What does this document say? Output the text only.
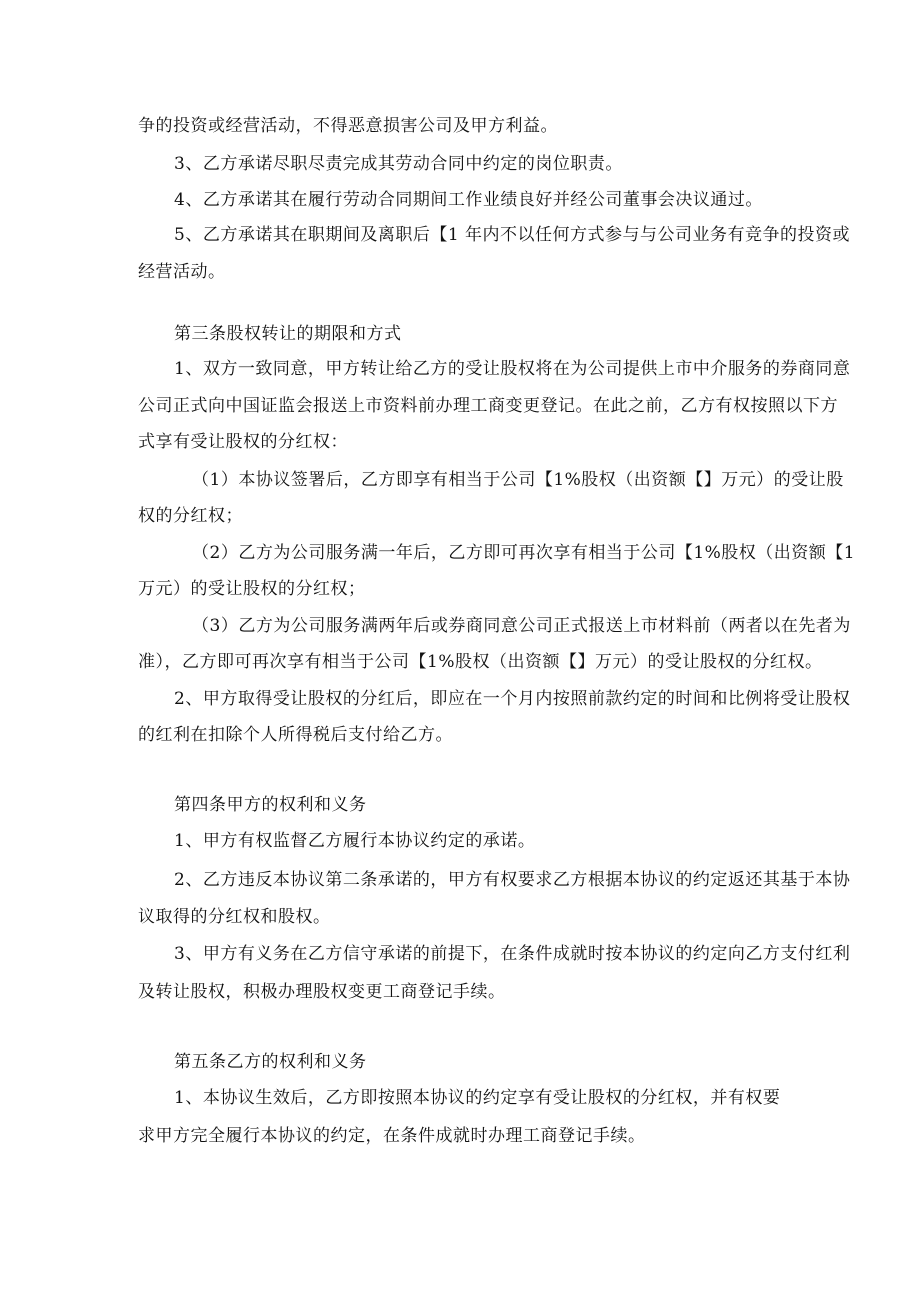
争的投资或经营活动，不得恶意损害公司及甲方利益。
3、乙方承诺尽职尽责完成其劳动合同中约定的岗位职责。
4、乙方承诺其在履行劳动合同期间工作业绩良好并经公司董事会决议通过。
5、乙方承诺其在职期间及离职后【1 年内不以任何方式参与与公司业务有竞争的投资或
经营活动。
第三条股权转让的期限和方式
1、双方一致同意，甲方转让给乙方的受让股权将在为公司提供上市中介服务的券商同意
公司正式向中国证监会报送上市资料前办理工商变更登记。在此之前，乙方有权按照以下方
式享有受让股权的分红权：
（1）本协议签署后，乙方即享有相当于公司【1%股权（出资额【】万元）的受让股
权的分红权；
（2）乙方为公司服务满一年后，乙方即可再次享有相当于公司【1%股权（出资额【1
万元）的受让股权的分红权；
（3）乙方为公司服务满两年后或券商同意公司正式报送上市材料前（两者以在先者为
准），乙方即可再次享有相当于公司【1%股权（出资额【】万元）的受让股权的分红权。
2、甲方取得受让股权的分红后，即应在一个月内按照前款约定的时间和比例将受让股权
的红利在扣除个人所得税后支付给乙方。
第四条甲方的权利和义务
1、甲方有权监督乙方履行本协议约定的承诺。
2、乙方违反本协议第二条承诺的，甲方有权要求乙方根据本协议的约定返还其基于本协
议取得的分红权和股权。
3、甲方有义务在乙方信守承诺的前提下，在条件成就时按本协议的约定向乙方支付红利
及转让股权，积极办理股权变更工商登记手续。
第五条乙方的权利和义务
1、本协议生效后，乙方即按照本协议的约定享有受让股权的分红权，并有权要
求甲方完全履行本协议的约定，在条件成就时办理工商登记手续。
